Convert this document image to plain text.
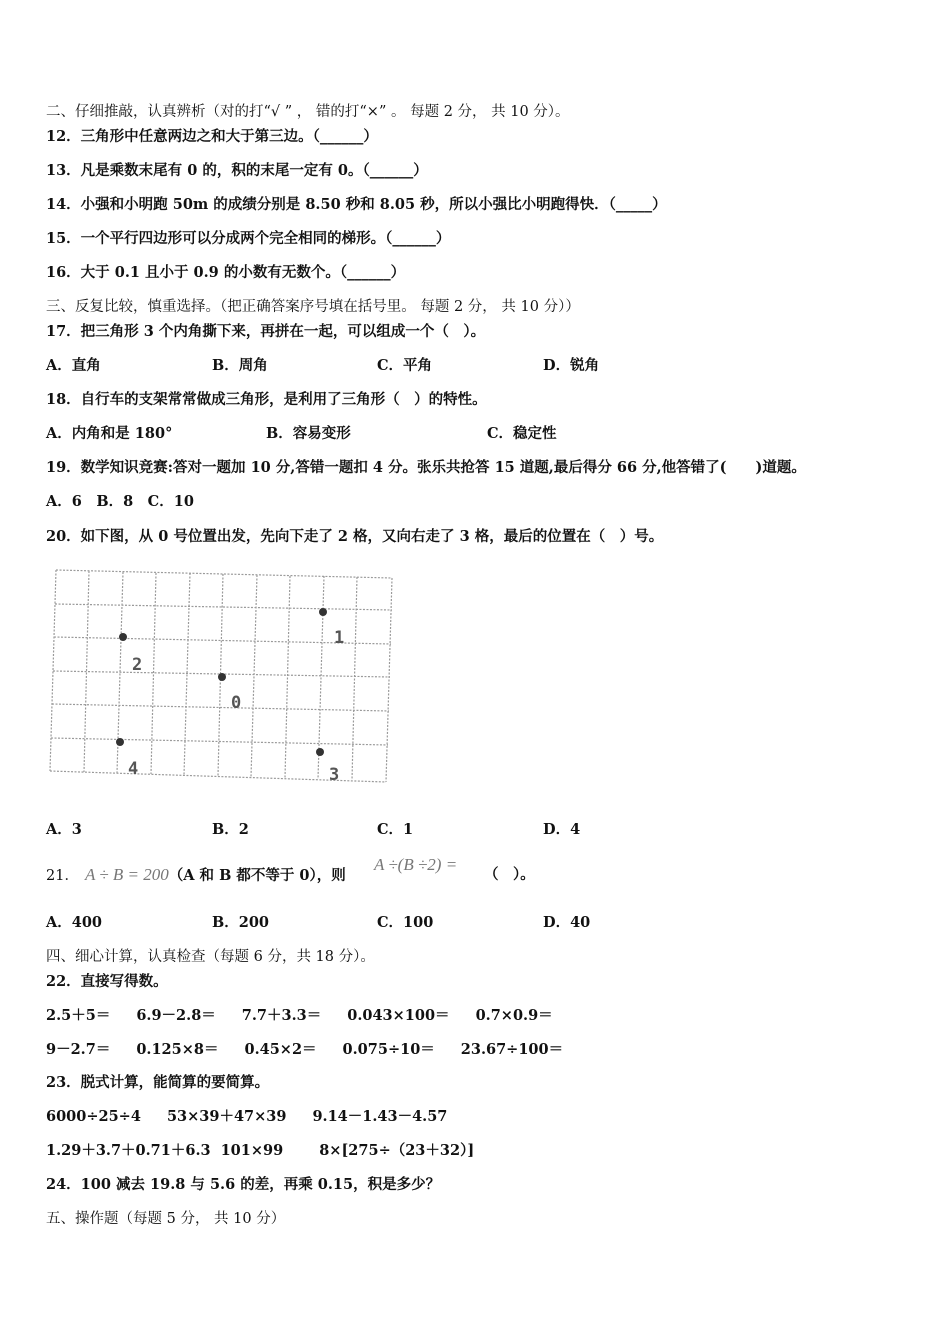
二、仔细推敲，认真辨析（对的打“√ ” ， 错的打“×” 。 每题 2 分， 共 10 分）。
12．三角形中任意两边之和大于第三边。（______）
13．凡是乘数末尾有 0 的，积的末尾一定有 0。（______）
14．小强和小明跑 50m 的成绩分别是 8.50 秒和 8.05 秒，所以小强比小明跑得快．（_____）
15．一个平行四边形可以分成两个完全相同的梯形。（______）
16．大于 0.1 且小于 0.9 的小数有无数个。（______）
三、反复比较，慎重选择。（把正确答案序号填在括号里。 每题 2 分， 共 10 分））
17．把三角形 3 个内角撕下来，再拼在一起，可以组成一个（　）。
A．直角	B．周角	C．平角	D．锐角
18．自行车的支架常常做成三角形，是利用了三角形（　）的特性。
A．内角和是 180°	B．容易变形	C．稳定性
19．数学知识竞赛:答对一题加 10 分,答错一题扣 4 分。张乐共抢答 15 道题,最后得分 66 分,他答错了(　　)道题。
A．6　B．8　C．10
20．如下图，从 0 号位置出发，先向下走了 2 格，又向右走了 3 格，最后的位置在（　）号。
1
2
0
4	3
A．3	B．2	C．1	D．4
21． A ÷ B = 200（A 和 B 都不等于 0），则
A ÷(B ÷2) =
（　）。
A．400	B．200	C．100	D．40
四、细心计算，认真检查（每题 6 分，共 18 分）。
22．直接写得数。
2.5＋5＝ 6.9－2.8＝ 7.7＋3.3＝ 0.043×100＝ 0.7×0.9＝
9－2.7＝ 0.125×8＝ 0.45×2＝ 0.075÷10＝ 23.67÷100＝
23．脱式计算，能简算的要简算。
6000÷25÷4 53×39＋47×39 9.14－1.43－4.57
1.29＋3.7＋0.71＋6.3 101×99 8×[275÷（23＋32）]
24．100 减去 19.8 与 5.6 的差，再乘 0.15，积是多少？
五、操作题（每题 5 分， 共 10 分）
